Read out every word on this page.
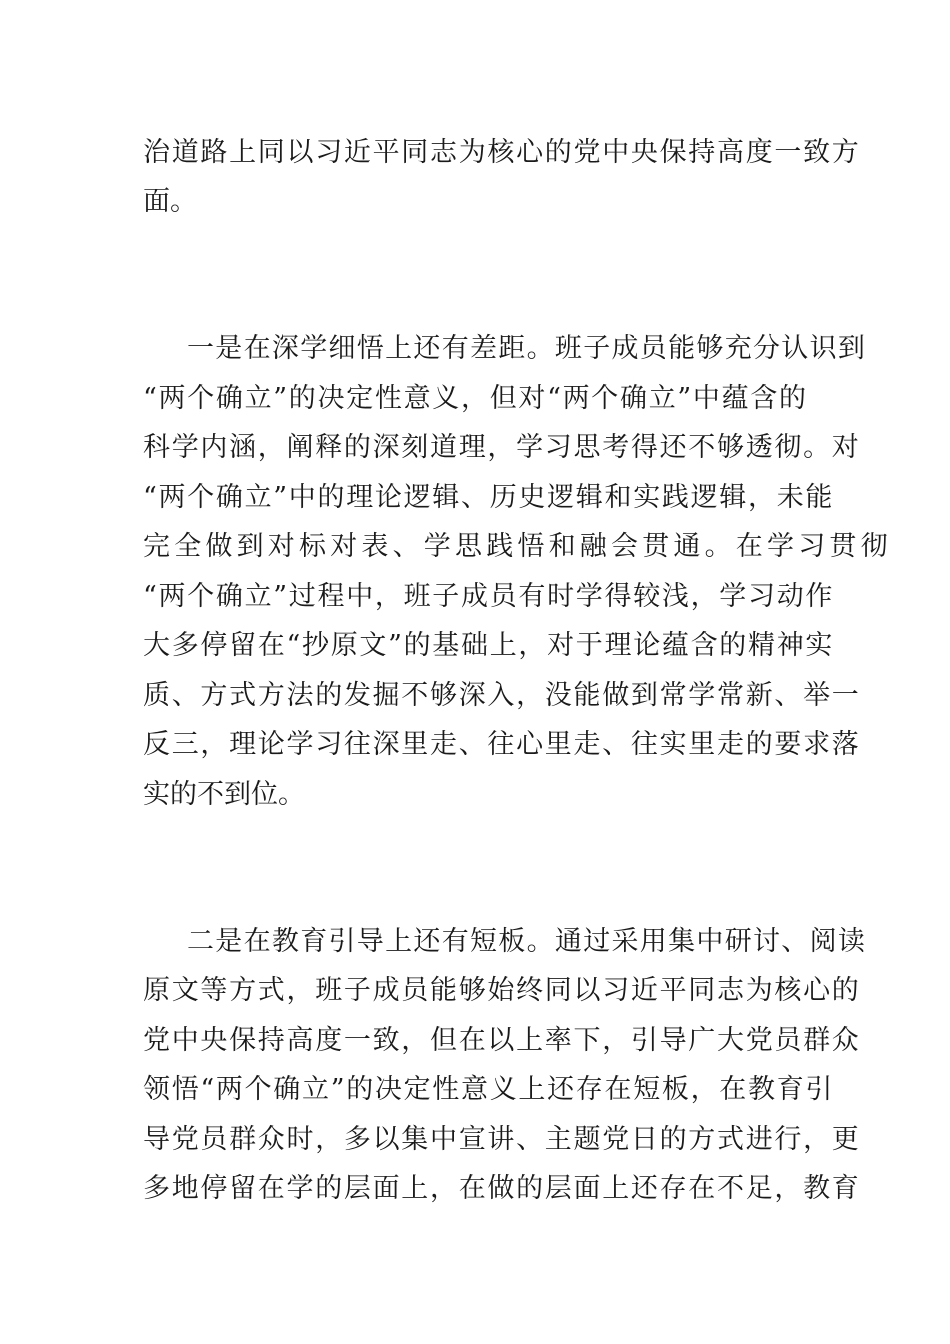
治道路上同以习近平同志为核心的党中央保持高度一致方
面。
一是在深学细悟上还有差距。班子成员能够充分认识到
“两个确立”的决定性意义，但对“两个确立”中蕴含的
科学内涵，阐释的深刻道理，学习思考得还不够透彻。对
“两个确立”中的理论逻辑、历史逻辑和实践逻辑，未能
完全做到对标对表、学思践悟和融会贯通。在学习贯彻
“两个确立”过程中，班子成员有时学得较浅，学习动作
大多停留在“抄原文”的基础上，对于理论蕴含的精神实
质、方式方法的发掘不够深入，没能做到常学常新、举一
反三，理论学习往深里走、往心里走、往实里走的要求落
实的不到位。
二是在教育引导上还有短板。通过采用集中研讨、阅读
原文等方式，班子成员能够始终同以习近平同志为核心的
党中央保持高度一致，但在以上率下，引导广大党员群众
领悟“两个确立”的决定性意义上还存在短板，在教育引
导党员群众时，多以集中宣讲、主题党日的方式进行，更
多地停留在学的层面上，在做的层面上还存在不足，教育
